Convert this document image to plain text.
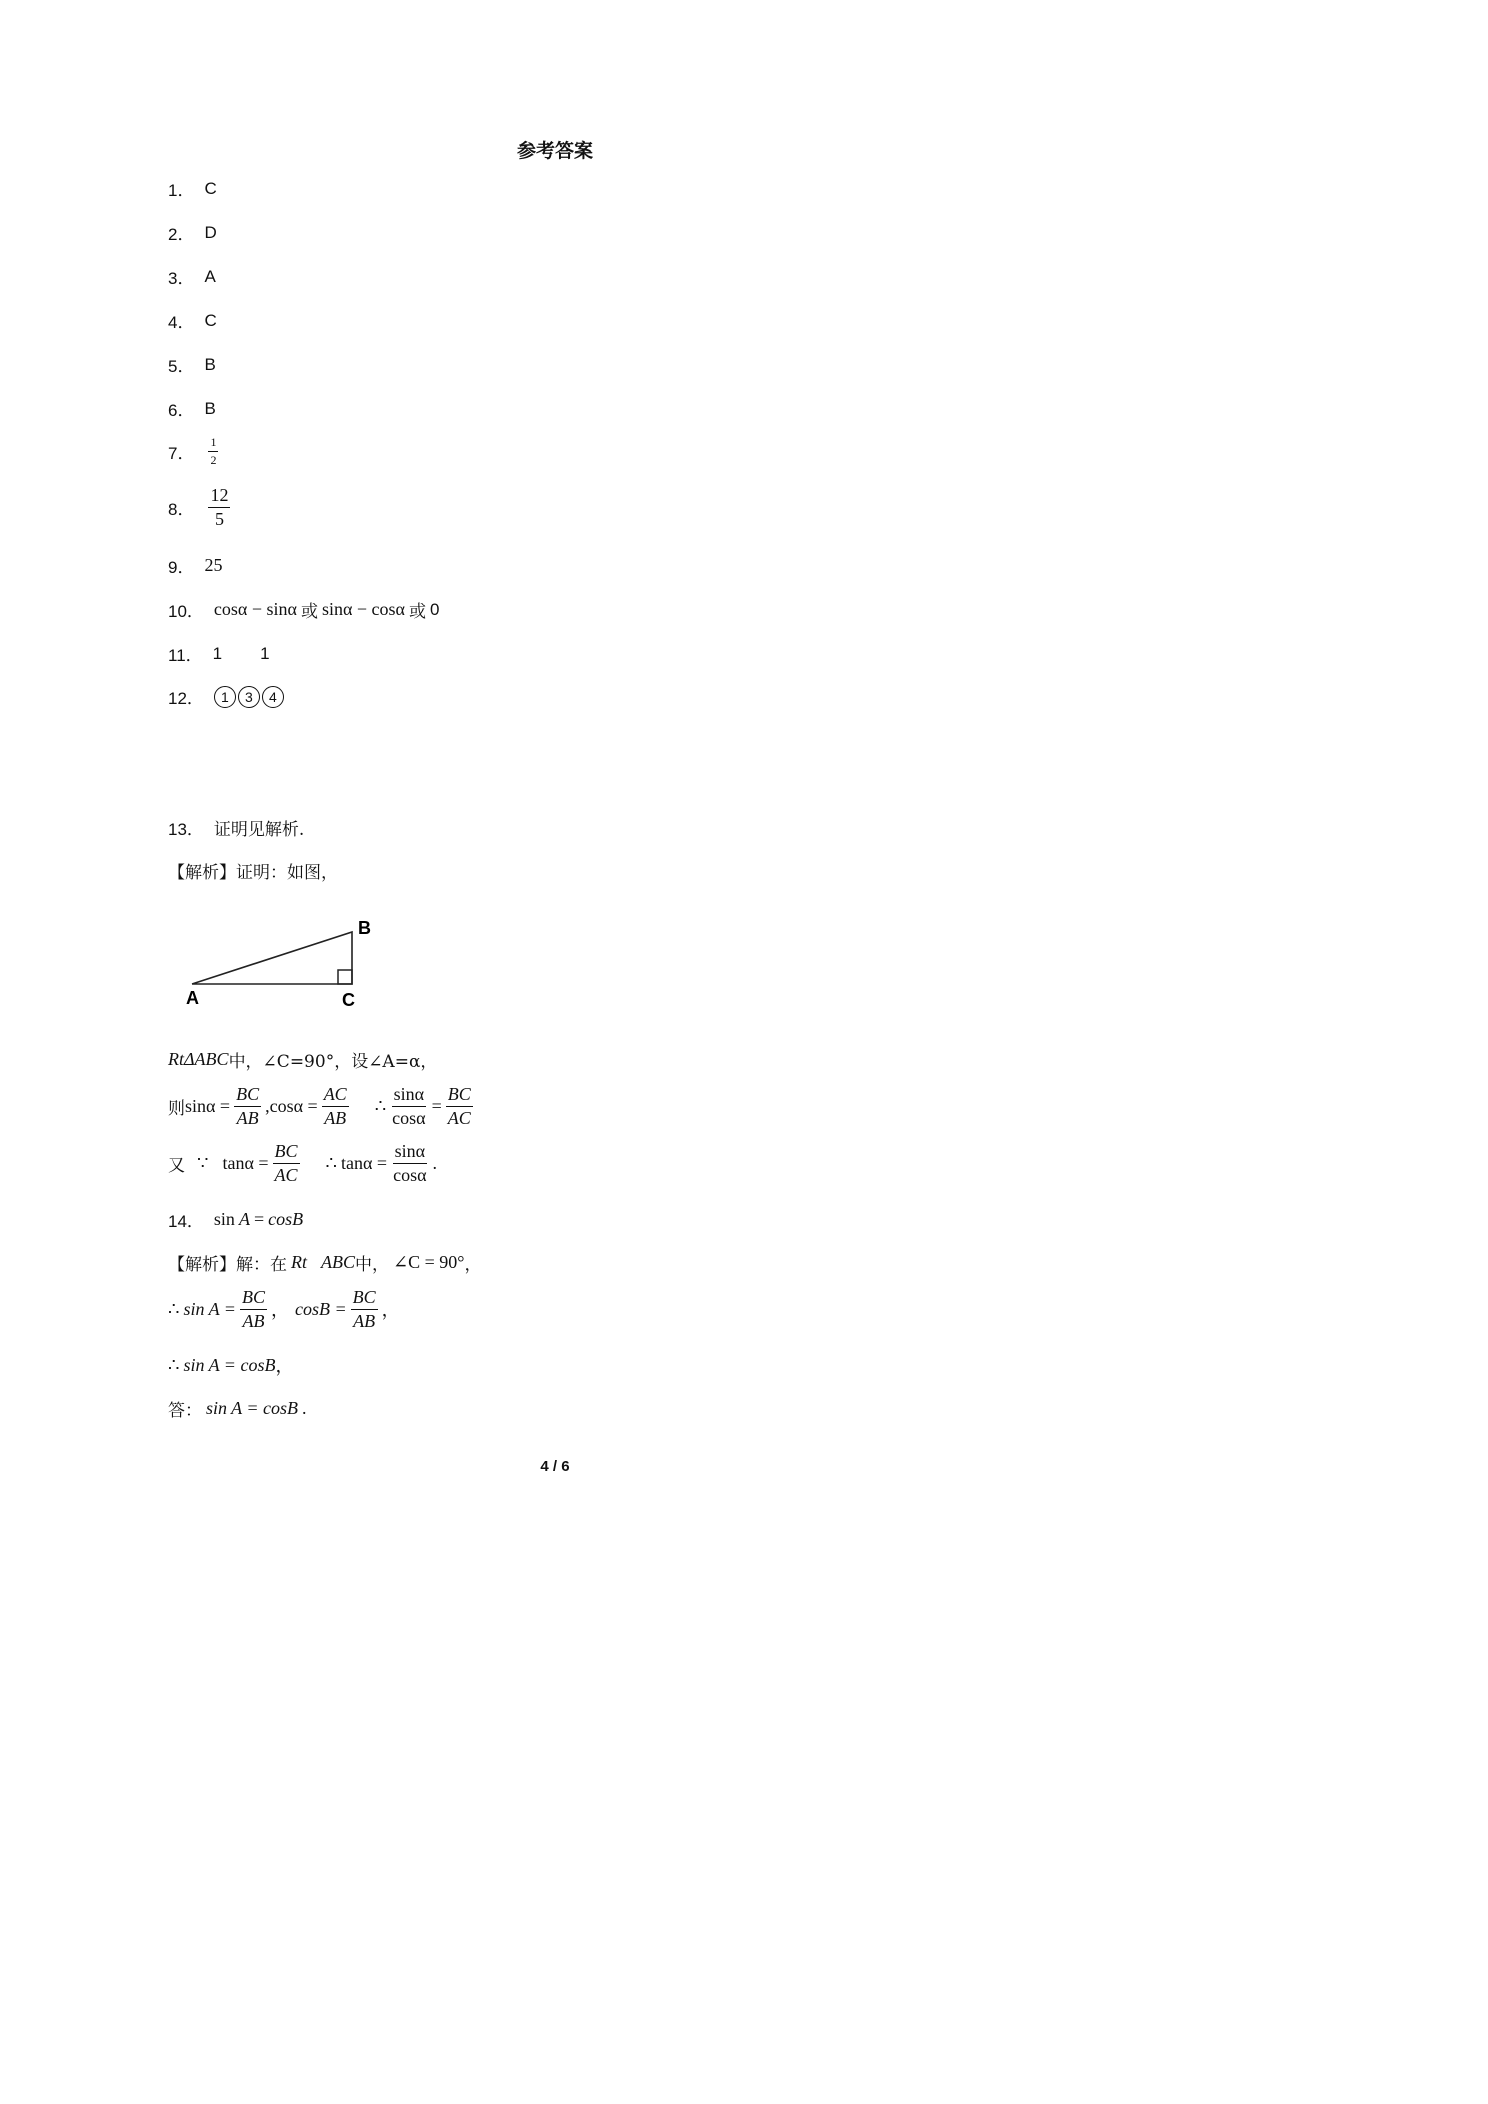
参考答案
1． C
2． D
3． A
4． C
5． B
6． B
7． $\frac{1}{2}$
8． $\frac{12}{5}$
9． 25
10． cosα − sinα 或 sinα − cosα 或 0
11． 1 1
12．	1	3	4
13． 证明见解析.
【解析】 证明：如图，
A
B
C
RtΔABC 中，∠C=90°，设∠A=α，
则 $\sin\alpha = \frac{BC}{AB} ,\cos\alpha = \frac{AC}{AB}$ ∴ $\frac{\sin\alpha}{\cos\alpha} = \frac{BC}{AC}$
又 ∵ $\tan\alpha = \frac{BC}{AC}$ ∴ $\tan\alpha = \frac{\sin\alpha}{\cos\alpha}$ .
14． sin A = cosB
【解析】 解：在 Rt ABC 中， ∠C = 90° ，
∴ $\sin A = \frac{BC}{AB}$ ， $\cos B = \frac{BC}{AB}$ ，
∴ sin A = cosB ，
答： sin A = cosB .
4 / 6
